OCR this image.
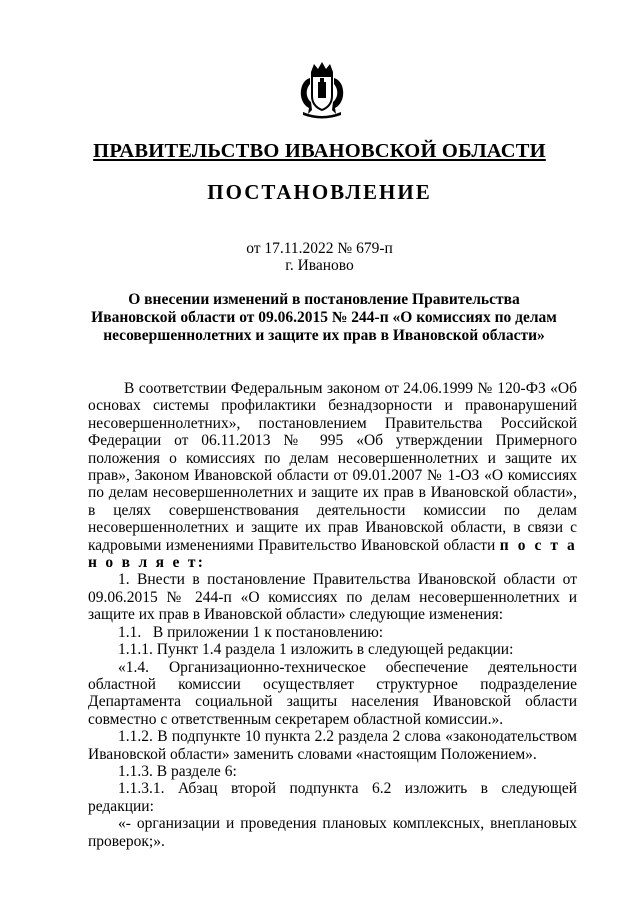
ПРАВИТЕЛЬСТВО ИВАНОВСКОЙ ОБЛАСТИ
ПОСТАНОВЛЕНИЕ
от 17.11.2022 № 679-п
г. Иваново
О внесении изменений в постановление Правительства
Ивановской области от 09.06.2015 № 244-п «О комиссиях по делам
несовершеннолетних и защите их прав в Ивановской области»

В соответствии Федеральным законом от 24.06.1999 № 120-ФЗ «Об основах системы профилактики безнадзорности и правонарушений несовершеннолетних», постановлением Правительства Российской Федерации от 06.11.2013 № 995 «Об утверждении Примерного положения о комиссиях по делам несовершеннолетних и защите их прав», Законом Ивановской области от 09.01.2007 № 1-ОЗ «О комиссиях по делам несовершеннолетних и защите их прав в Ивановской области», в целях совершенствования деятельности комиссии по делам несовершеннолетних и защите их прав Ивановской области, в связи с кадровыми изменениями Правительство Ивановской области п о с т а н о в л я е т:

1. Внести в постановление Правительства Ивановской области от 09.06.2015 № 244-п «О комиссиях по делам несовершеннолетних и защите их прав в Ивановской области» следующие изменения:

1.1.   В приложении 1 к постановлению:

1.1.1. Пункт 1.4 раздела 1 изложить в следующей редакции:

«1.4. Организационно-техническое обеспечение деятельности областной комиссии осуществляет структурное подразделение Департамента социальной защиты населения Ивановской области совместно с ответственным секретарем областной комиссии.».

1.1.2. В подпункте 10 пункта 2.2 раздела 2 слова «законодательством Ивановской области» заменить словами «настоящим Положением».

1.1.3. В разделе 6:

1.1.3.1. Абзац второй подпункта 6.2 изложить в следующей редакции:

«- организации и проведения плановых комплексных, внеплановых проверок;».
